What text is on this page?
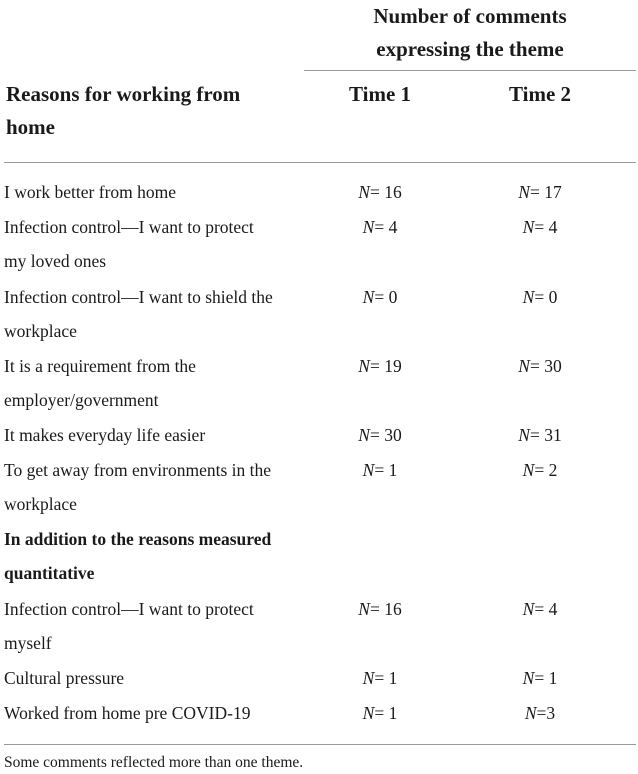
Number of comments
expressing the theme
Reasons for working from
home
Time 1	Time 2
I work better from home	N= 16	N= 17
Infection control—I want to protect
my loved ones
N= 4	N= 4
Infection control—I want to shield the
workplace
N= 0	N= 0
It is a requirement from the
employer/government
N= 19	N= 30
It makes everyday life easier	N= 30	N= 31
To get away from environments in the
workplace
N= 1	N= 2
In addition to the reasons measured
quantitative
Infection control—I want to protect
myself
N= 16	N= 4
Cultural pressure	N= 1	N= 1
Worked from home pre COVID-19	N= 1	N=3
Some comments reflected more than one theme.
